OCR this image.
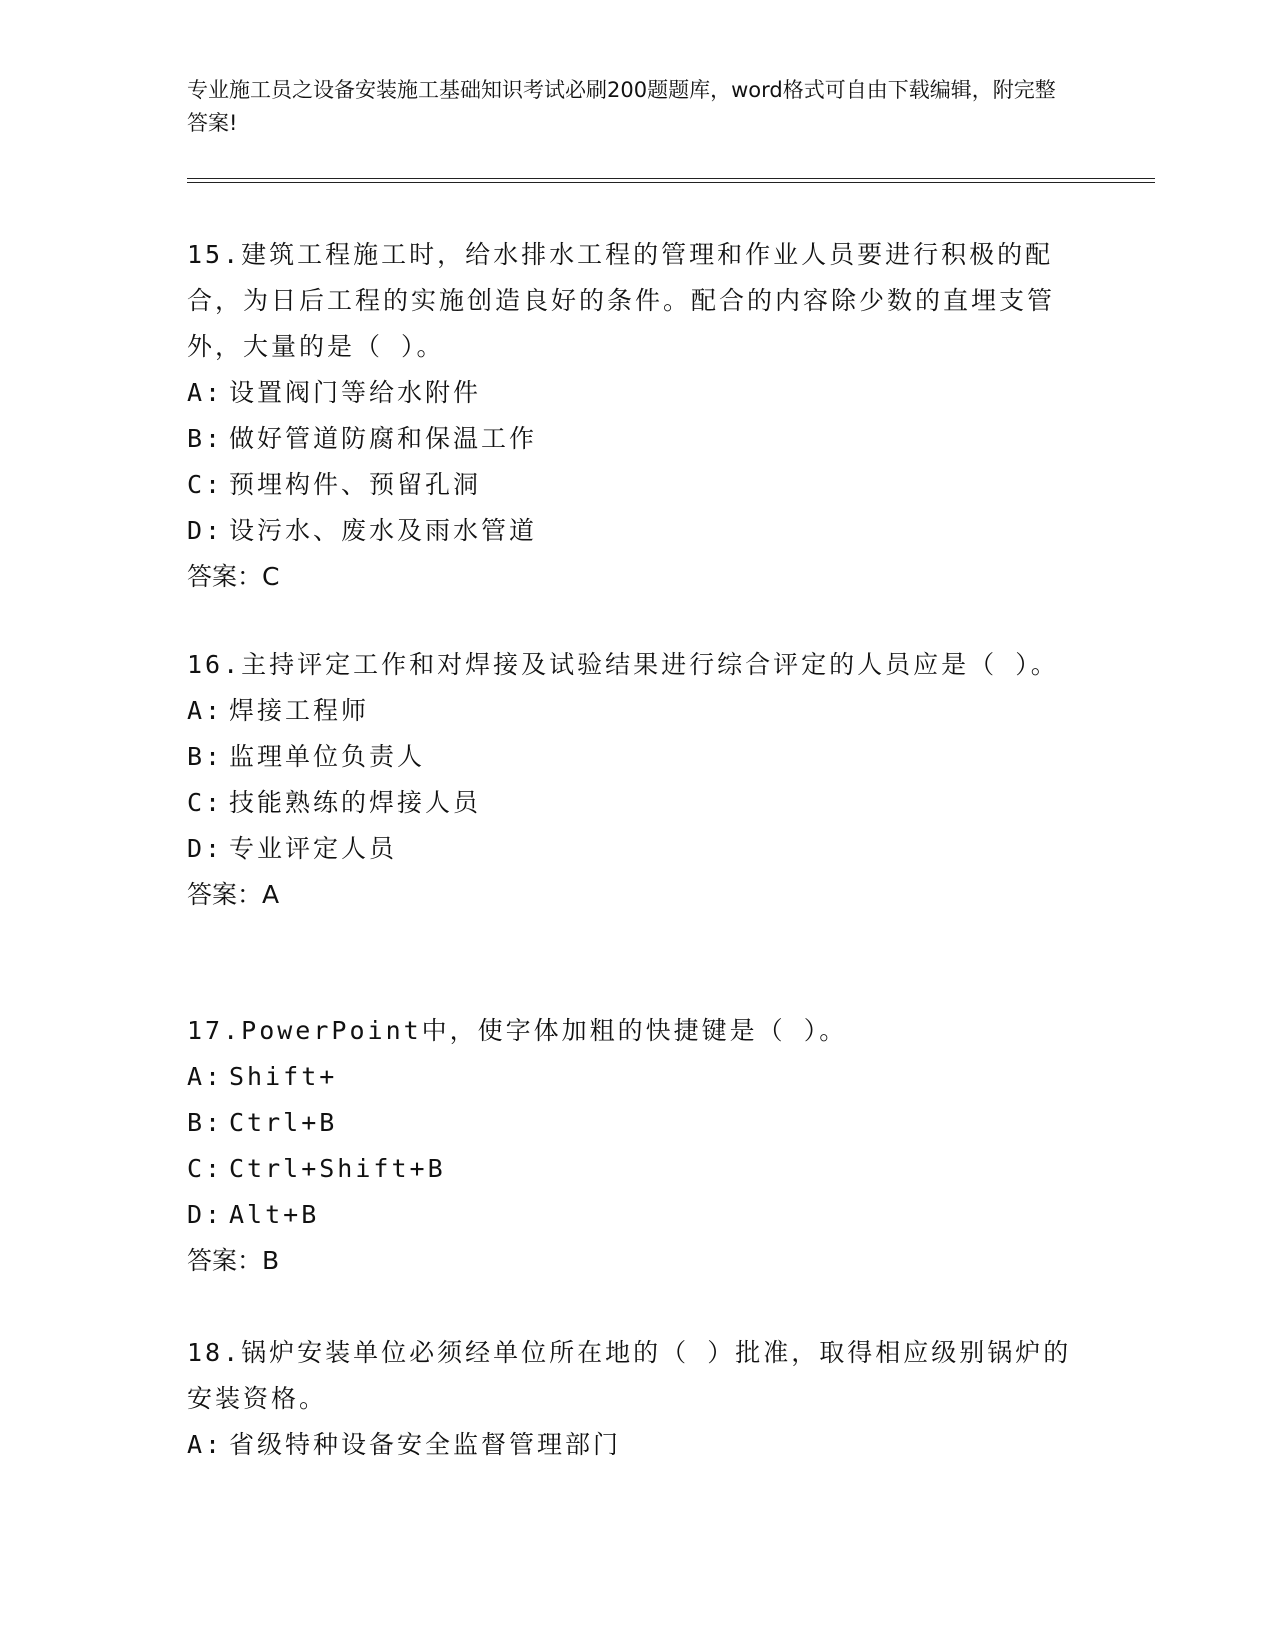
专业施工员之设备安装施工基础知识考试必刷200题题库，word格式可自由下载编辑，附完整答案!
15.建筑工程施工时，给水排水工程的管理和作业人员要进行积极的配合，为日后工程的实施创造良好的条件。配合的内容除少数的直埋支管外，大量的是（ ）。
A: 设置阀门等给水附件
B: 做好管道防腐和保温工作
C: 预埋构件、预留孔洞
D: 设污水、废水及雨水管道
答案：C
16.主持评定工作和对焊接及试验结果进行综合评定的人员应是（ ）。
A: 焊接工程师
B: 监理单位负责人
C: 技能熟练的焊接人员
D: 专业评定人员
答案：A
17.PowerPoint中，使字体加粗的快捷键是（ ）。
A: Shift+
B: Ctrl+B
C: Ctrl+Shift+B
D: Alt+B
答案：B
18.锅炉安装单位必须经单位所在地的（ ）批准，取得相应级别锅炉的安装资格。
A: 省级特种设备安全监督管理部门
